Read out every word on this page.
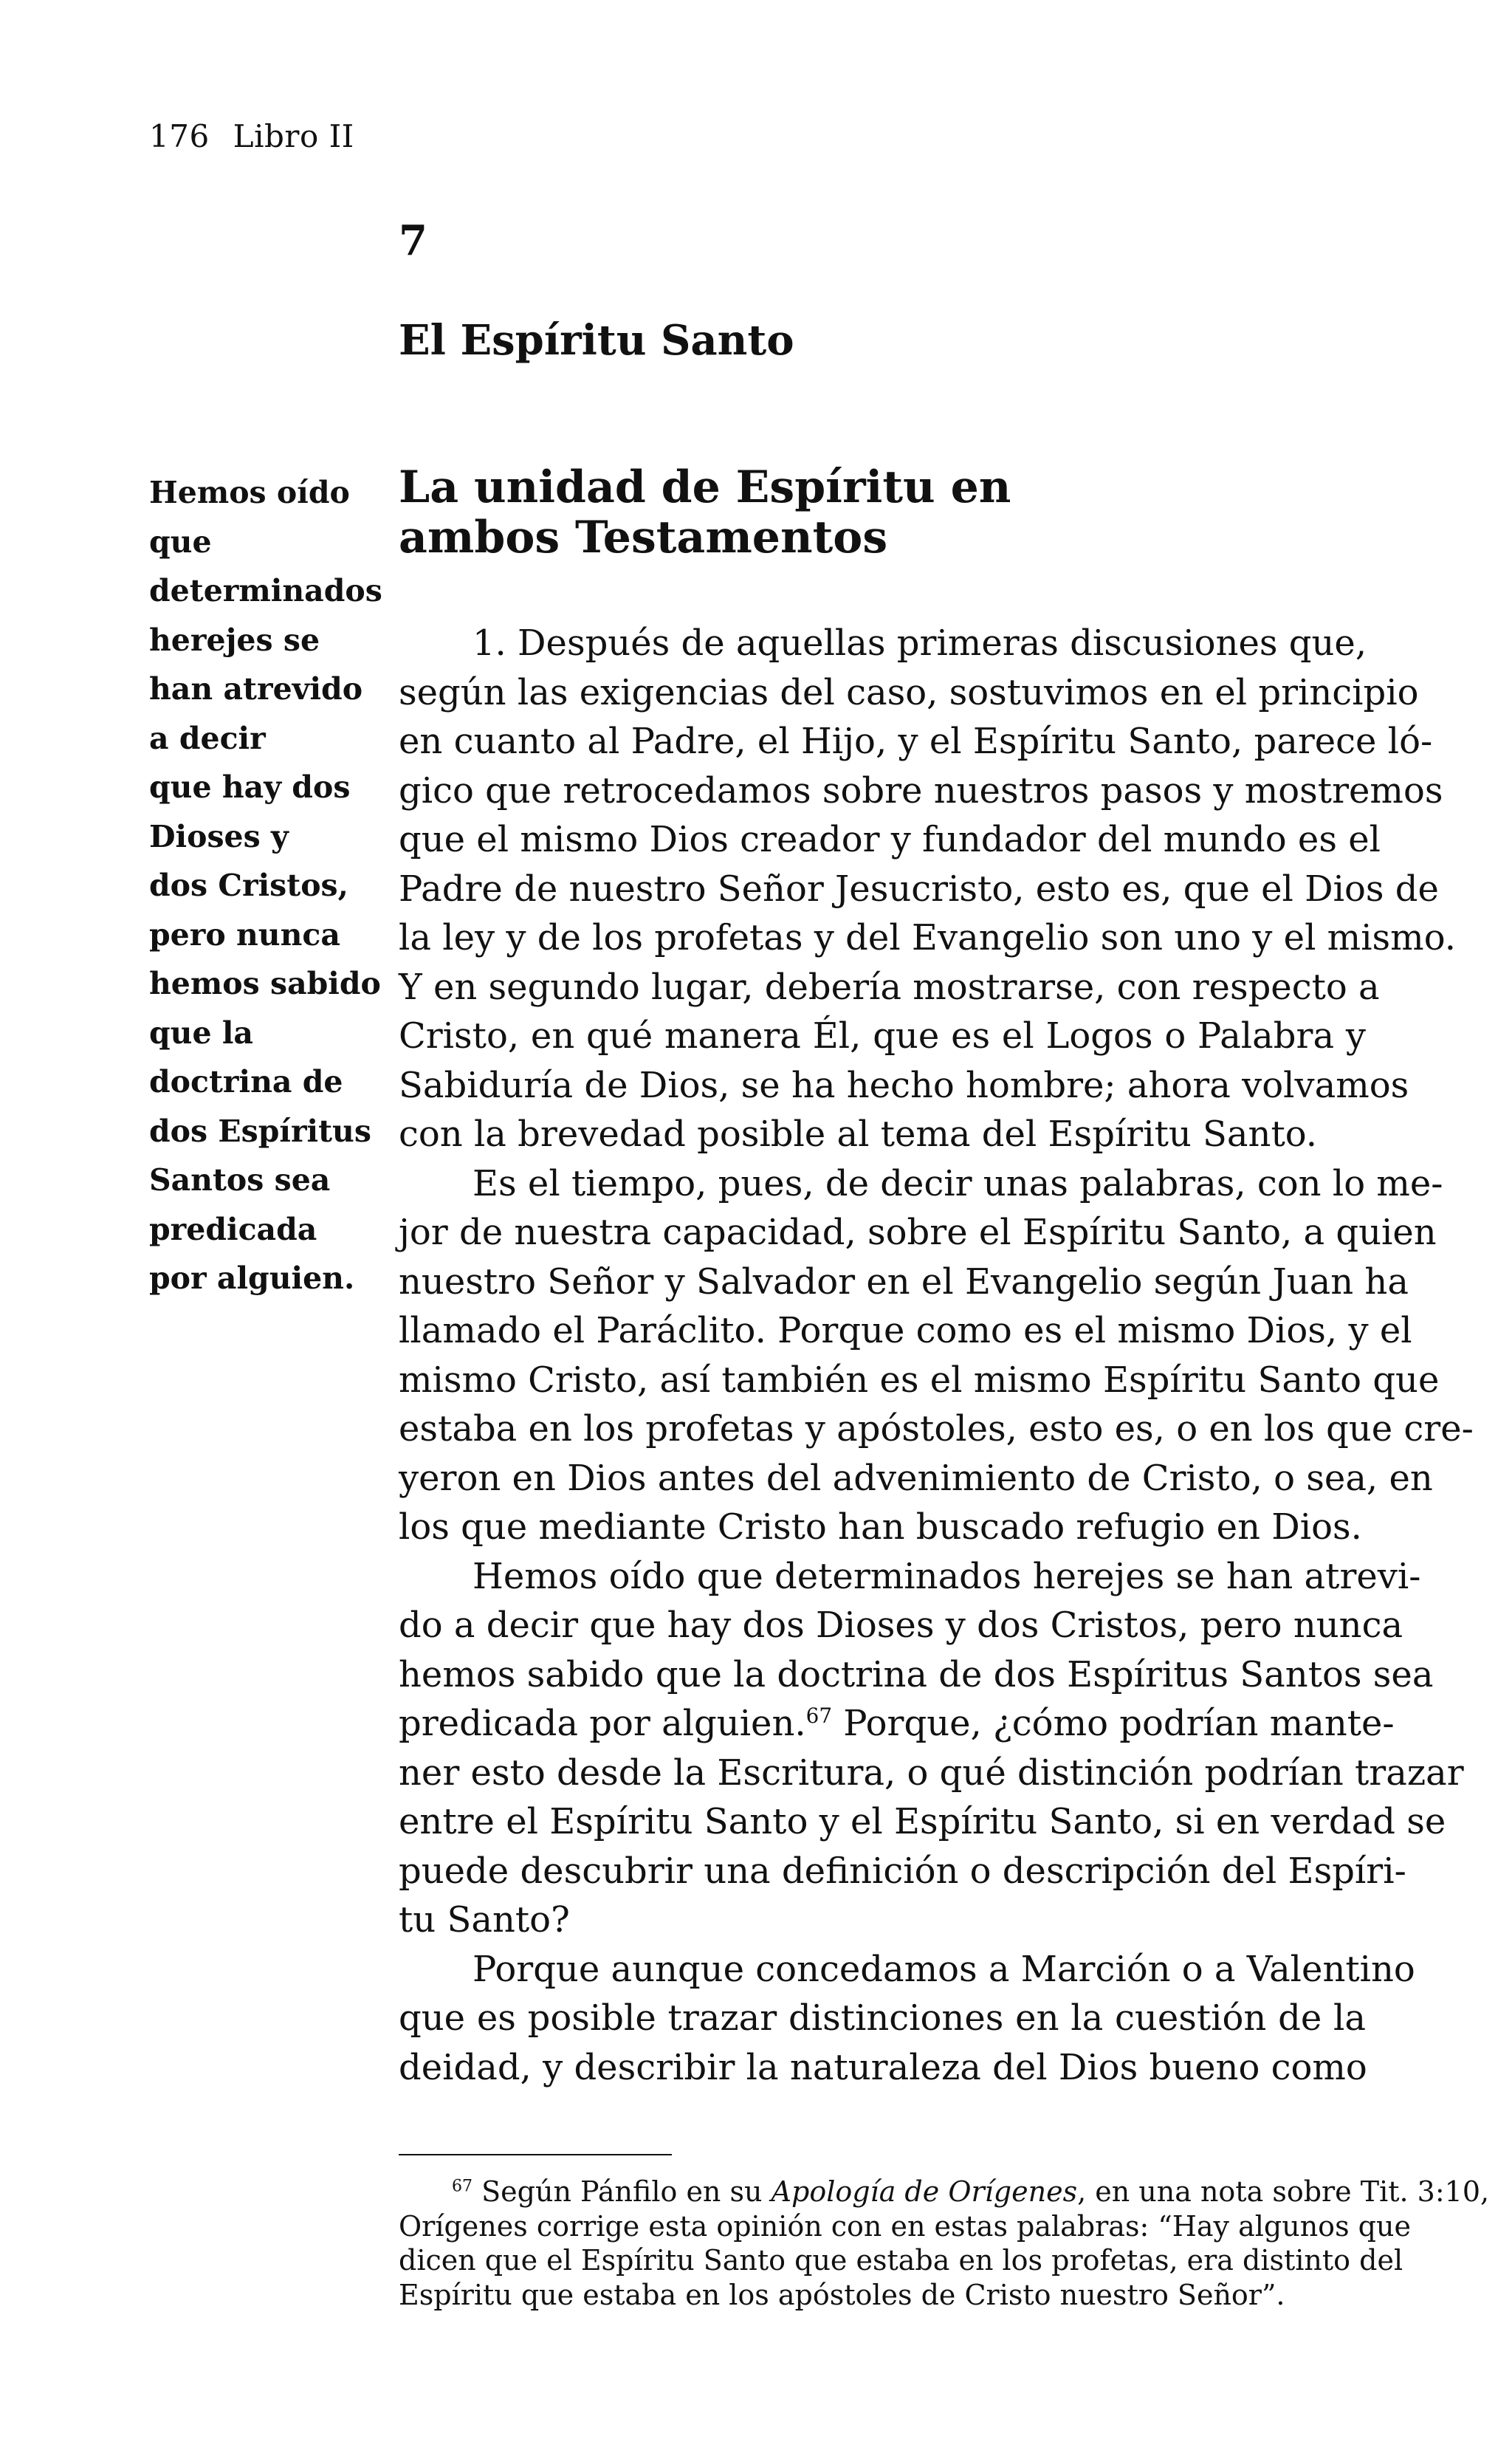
176 Libro II
7
El Espíritu Santo
Hemos oído
que
determinados
herejes se
han atrevido
a decir
que hay dos
Dioses y
dos Cristos,
pero nunca
hemos sabido
que la
doctrina de
dos Espíritus
Santos sea
predicada
por alguien.
La unidad de Espíritu en
ambos Testamentos
1. Después de aquellas primeras discusiones que,
según las exigencias del caso, sostuvimos en el principio
en cuanto al Padre, el Hijo, y el Espíritu Santo, parece ló-
gico que retrocedamos sobre nuestros pasos y mostremos
que el mismo Dios creador y fundador del mundo es el
Padre de nuestro Señor Jesucristo, esto es, que el Dios de
la ley y de los profetas y del Evangelio son uno y el mismo.
Y en segundo lugar, debería mostrarse, con respecto a
Cristo, en qué manera Él, que es el Logos o Palabra y
Sabiduría de Dios, se ha hecho hombre; ahora volvamos
con la brevedad posible al tema del Espíritu Santo.
Es el tiempo, pues, de decir unas palabras, con lo me-
jor de nuestra capacidad, sobre el Espíritu Santo, a quien
nuestro Señor y Salvador en el Evangelio según Juan ha
llamado el Paráclito. Porque como es el mismo Dios, y el
mismo Cristo, así también es el mismo Espíritu Santo que
estaba en los profetas y apóstoles, esto es, o en los que cre-
yeron en Dios antes del advenimiento de Cristo, o sea, en
los que mediante Cristo han buscado refugio en Dios.
Hemos oído que determinados herejes se han atrevi-
do a decir que hay dos Dioses y dos Cristos, pero nunca
hemos sabido que la doctrina de dos Espíritus Santos sea
predicada por alguien.$^{67}$ Porque, ¿cómo podrían mante-
ner esto desde la Escritura, o qué distinción podrían trazar
entre el Espíritu Santo y el Espíritu Santo, si en verdad se
puede descubrir una definición o descripción del Espíri-
tu Santo?
Porque aunque concedamos a Marción o a Valentino
que es posible trazar distinciones en la cuestión de la
deidad, y describir la naturaleza del Dios bueno como
$^{67}$ Según Pánfilo en su Apología de Orígenes, en una nota sobre Tit. 3:10,
Orígenes corrige esta opinión con en estas palabras: “Hay algunos que
dicen que el Espíritu Santo que estaba en los profetas, era distinto del
Espíritu que estaba en los apóstoles de Cristo nuestro Señor”.
